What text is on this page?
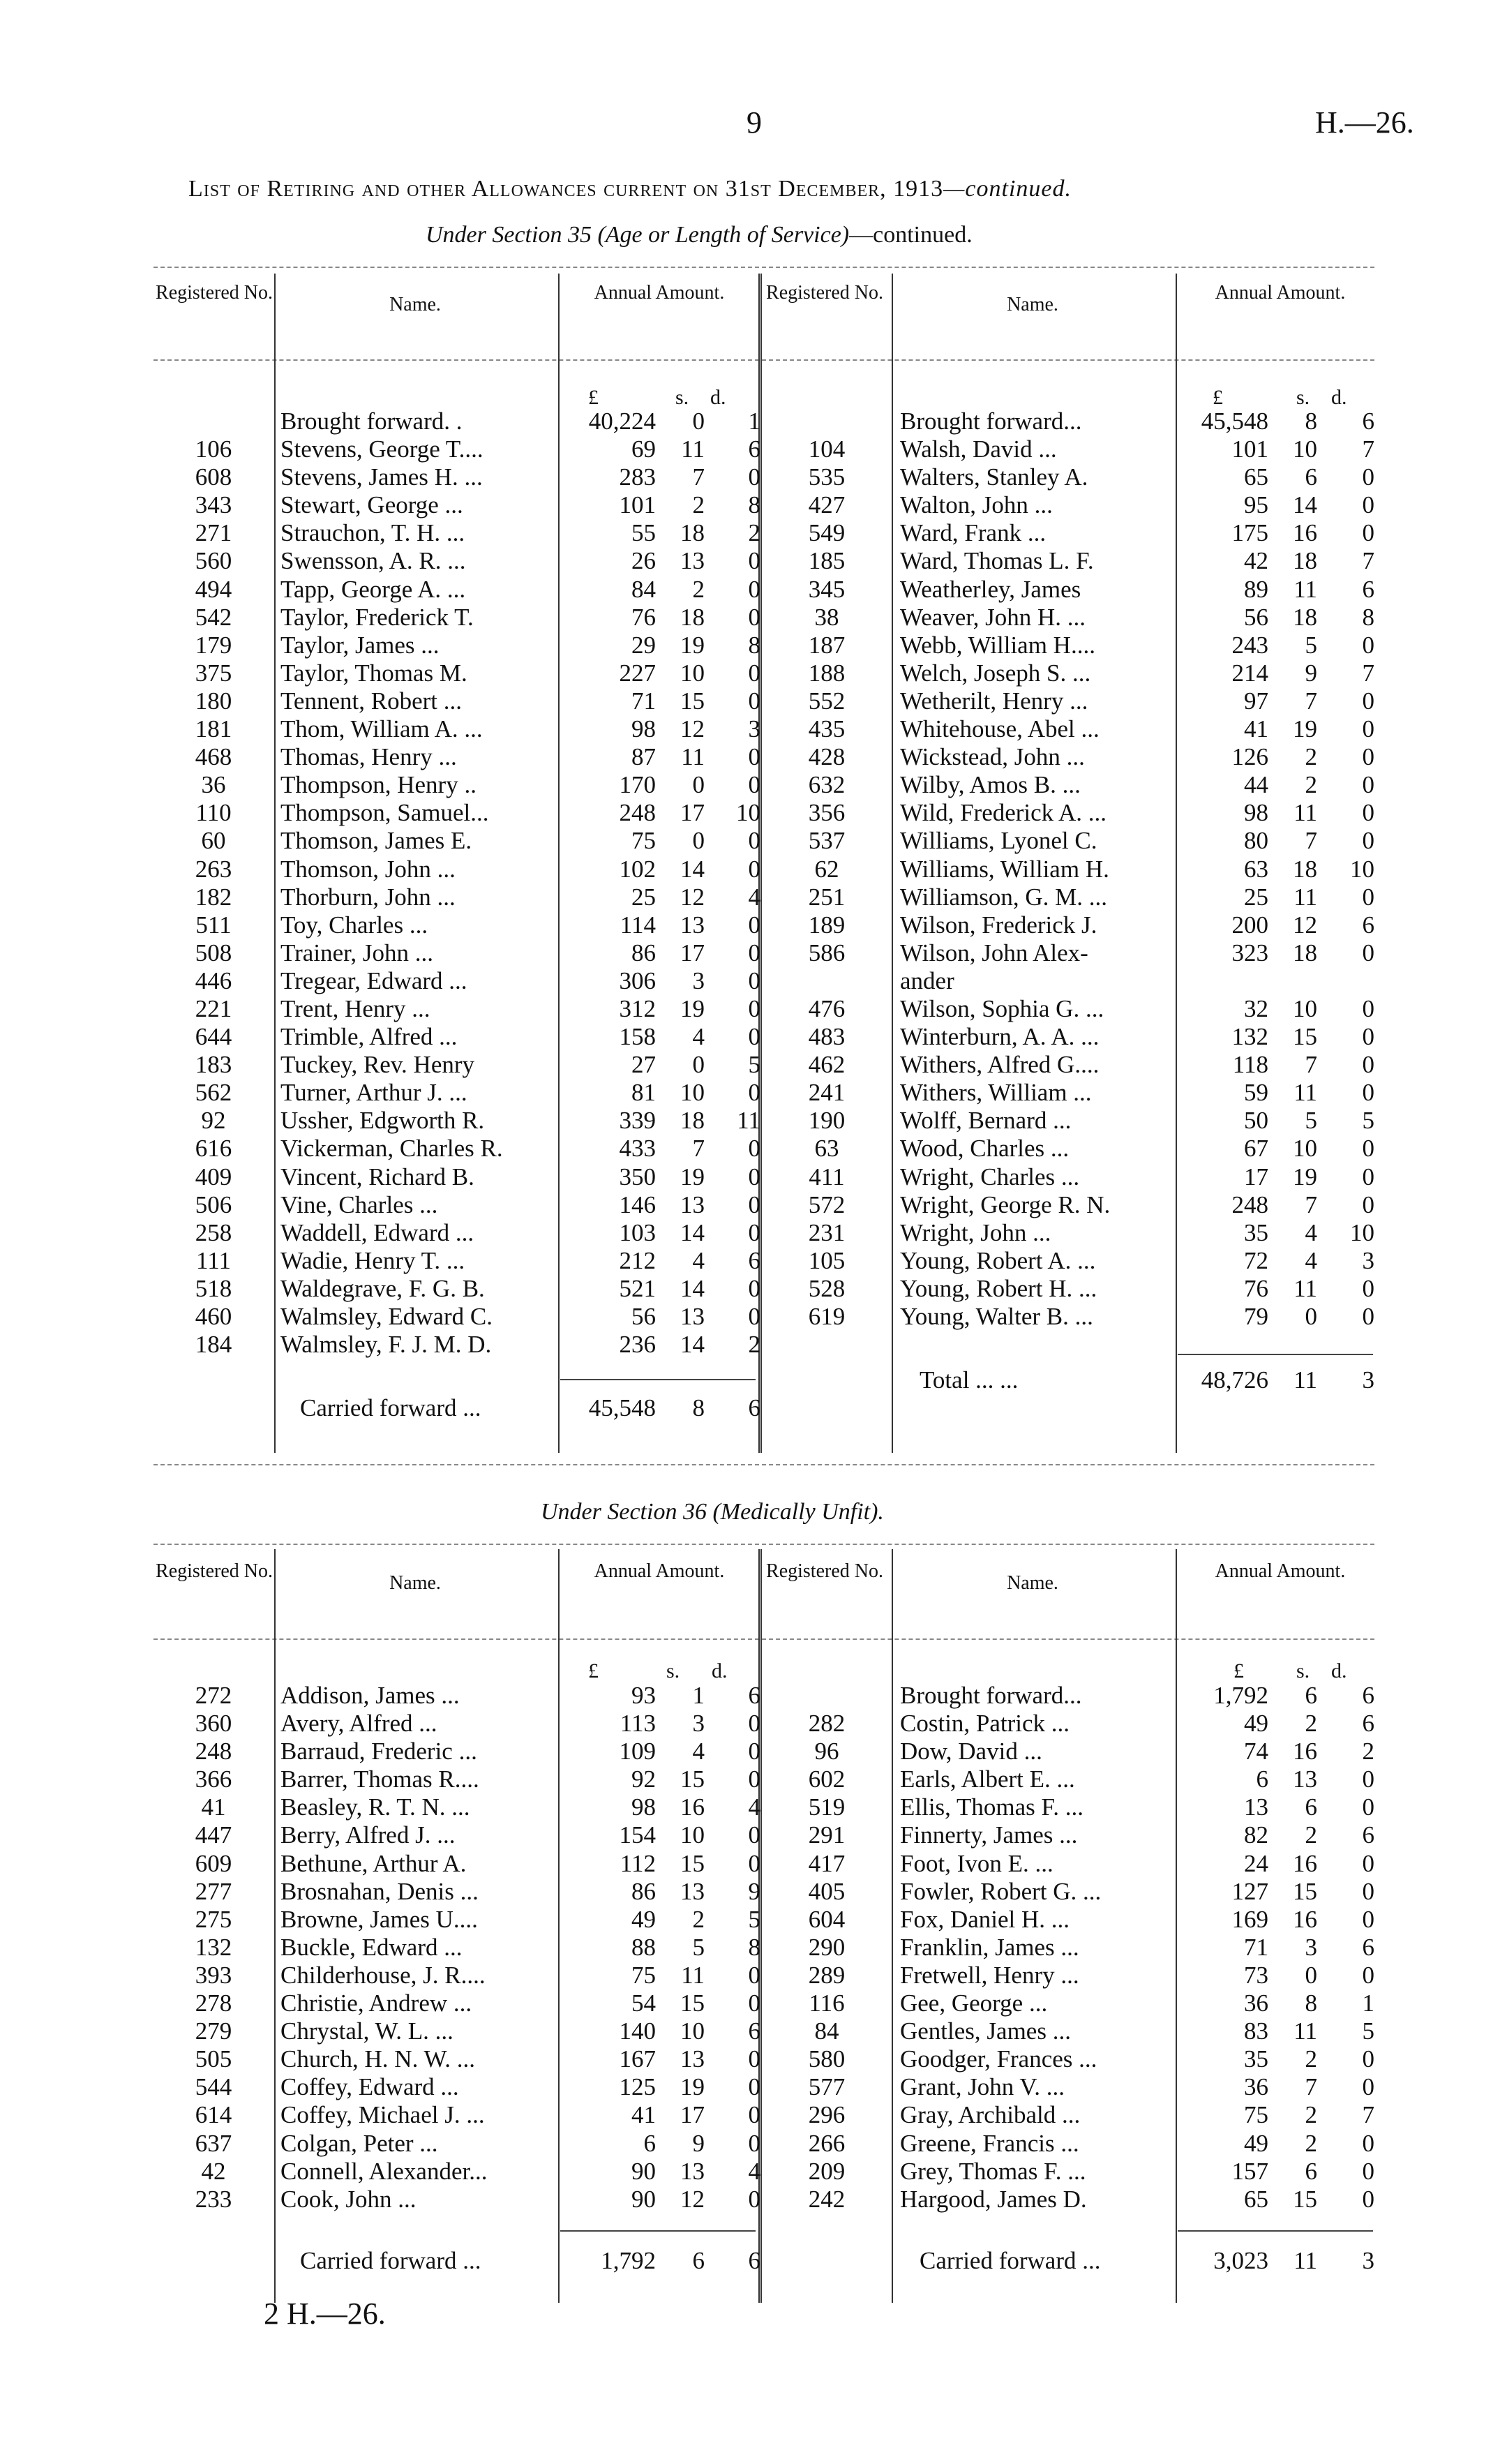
9	H.—26.
List of Retiring and other Allowances current on 31st December, 1913—continued.
Under Section 35 (Age or Length of Service)—continued.
Registered No.
Name.
Annual Amount.	Registered No.
Name.
Annual Amount.
£	s. d.	£	s. d.
	Brought forward. .	40,224	0	1
106	Stevens, George T....	69	11	6
608	Stevens, James H. ...	283	7	0
343	Stewart, George ...	101	2	8
271	Strauchon, T. H. ...	55	18	2
560	Swensson, A. R. ...	26	13	0
494	Tapp, George A. ...	84	2	0
542	Taylor, Frederick T.	76	18	0
179	Taylor, James ...	29	19	8
375	Taylor, Thomas M.	227	10	0
180	Tennent, Robert ...	71	15	0
181	Thom, William A. ...	98	12	3
468	Thomas, Henry ...	87	11	0
36	Thompson, Henry ..	170	0	0
110	Thompson, Samuel...	248	17	10
60	Thomson, James E.	75	0	0
263	Thomson, John ...	102	14	0
182	Thorburn, John ...	25	12	4
511	Toy, Charles ...	114	13	0
508	Trainer, John ...	86	17	0
446	Tregear, Edward ...	306	3	0
221	Trent, Henry ...	312	19	0
644	Trimble, Alfred ...	158	4	0
183	Tuckey, Rev. Henry	27	0	5
562	Turner, Arthur J. ...	81	10	0
92	Ussher, Edgworth R.	339	18	11
616	Vickerman, Charles R.	433	7	0
409	Vincent, Richard B.	350	19	0
506	Vine, Charles ...	146	13	0
258	Waddell, Edward ...	103	14	0
111	Wadie, Henry T. ...	212	4	6
518	Waldegrave, F. G. B.	521	14	0
460	Walmsley, Edward C.	56	13	0
184	Walmsley, F. J. M. D.	236	14	2
	Brought forward...	45,548	8	6
104	Walsh, David ...	101	10	7
535	Walters, Stanley A.	65	6	0
427	Walton, John ...	95	14	0
549	Ward, Frank ...	175	16	0
185	Ward, Thomas L. F.	42	18	7
345	Weatherley, James	89	11	6
38	Weaver, John H. ...	56	18	8
187	Webb, William H....	243	5	0
188	Welch, Joseph S. ...	214	9	7
552	Wetherilt, Henry ...	97	7	0
435	Whitehouse, Abel ...	41	19	0
428	Wickstead, John ...	126	2	0
632	Wilby, Amos B. ...	44	2	0
356	Wild, Frederick A. ...	98	11	0
537	Williams, Lyonel C.	80	7	0
62	Williams, William H.	63	18	10
251	Williamson, G. M. ...	25	11	0
189	Wilson, Frederick J.	200	12	6
586	Wilson, John Alex-	323	18	0
	ander			
476	Wilson, Sophia G. ...	32	10	0
483	Winterburn, A. A. ...	132	15	0
462	Withers, Alfred G....	118	7	0
241	Withers, William ...	59	11	0
190	Wolff, Bernard ...	50	5	5
63	Wood, Charles ...	67	10	0
411	Wright, Charles ...	17	19	0
572	Wright, George R. N.	248	7	0
231	Wright, John ...	35	4	10
105	Young, Robert A. ...	72	4	3
528	Young, Robert H. ...	76	11	0
619	Young, Walter B. ...	79	0	0
	Carried forward ...	45,548	8	6
	Total ... ...	48,726	11	3
Under Section 36 (Medically Unfit).
Registered No.
Name.
Annual Amount.	Registered No.
Name.
Annual Amount.
£	s. d.	£	s. d.
272	Addison, James ...	93	1	6
360	Avery, Alfred ...	113	3	0
248	Barraud, Frederic ...	109	4	0
366	Barrer, Thomas R....	92	15	0
41	Beasley, R. T. N. ...	98	16	4
447	Berry, Alfred J. ...	154	10	0
609	Bethune, Arthur A.	112	15	0
277	Brosnahan, Denis ...	86	13	9
275	Browne, James U....	49	2	5
132	Buckle, Edward ...	88	5	8
393	Childerhouse, J. R....	75	11	0
278	Christie, Andrew ...	54	15	0
279	Chrystal, W. L. ...	140	10	6
505	Church, H. N. W. ...	167	13	0
544	Coffey, Edward ...	125	19	0
614	Coffey, Michael J. ...	41	17	0
637	Colgan, Peter ...	6	9	0
42	Connell, Alexander...	90	13	4
233	Cook, John ...	90	12	0
	Brought forward...	1,792	6	6
282	Costin, Patrick ...	49	2	6
96	Dow, David ...	74	16	2
602	Earls, Albert E. ...	6	13	0
519	Ellis, Thomas F. ...	13	6	0
291	Finnerty, James ...	82	2	6
417	Foot, Ivon E. ...	24	16	0
405	Fowler, Robert G. ...	127	15	0
604	Fox, Daniel H. ...	169	16	0
290	Franklin, James ...	71	3	6
289	Fretwell, Henry ...	73	0	0
116	Gee, George ...	36	8	1
84	Gentles, James ...	83	11	5
580	Goodger, Frances ...	35	2	0
577	Grant, John V. ...	36	7	0
296	Gray, Archibald ...	75	2	7
266	Greene, Francis ...	49	2	0
209	Grey, Thomas F. ...	157	6	0
242	Hargood, James D.	65	15	0
	Carried forward ...	1,792	6	6
		Carried forward ...	3,023	11	3
2 H.—26.
